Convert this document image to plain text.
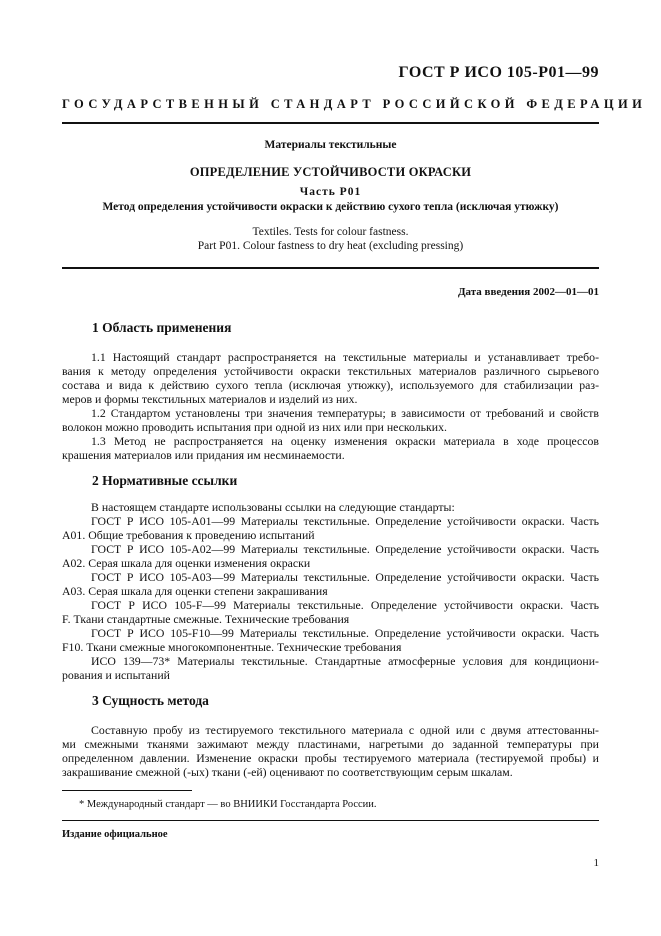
ГОСТ Р ИСО 105-Р01—99
ГОСУДАРСТВЕННЫЙ СТАНДАРТ РОССИЙСКОЙ ФЕДЕРАЦИИ
Материалы текстильные
ОПРЕДЕЛЕНИЕ УСТОЙЧИВОСТИ ОКРАСКИ
Часть Р01
Метод определения устойчивости окраски к действию сухого тепла (исключая утюжку)
Textiles. Tests for colour fastness.
Part P01. Colour fastness to dry heat (excluding pressing)
Дата введения 2002—01—01
1 Область применения
1.1 Настоящий стандарт распространяется на текстильные материалы и устанавливает требо-
вания к методу определения устойчивости окраски текстильных материалов различного сырьевого
состава и вида к действию сухого тепла (исключая утюжку), используемого для стабилизации раз-
меров и формы текстильных материалов и изделий из них.
1.2 Стандартом установлены три значения температуры; в зависимости от требований и свойств
волокон можно проводить испытания при одной из них или при нескольких.
1.3 Метод не распространяется на оценку изменения окраски материала в ходе процессов
крашения материалов или придания им несминаемости.
2 Нормативные ссылки
В настоящем стандарте использованы ссылки на следующие стандарты:
ГОСТ Р ИСО 105-А01—99 Материалы текстильные. Определение устойчивости окраски. Часть
А01. Общие требования к проведению испытаний
ГОСТ Р ИСО 105-А02—99 Материалы текстильные. Определение устойчивости окраски. Часть
А02. Серая шкала для оценки изменения окраски
ГОСТ Р ИСО 105-А03—99 Материалы текстильные. Определение устойчивости окраски. Часть
А03. Серая шкала для оценки степени закрашивания
ГОСТ Р ИСО 105-F—99 Материалы текстильные. Определение устойчивости окраски. Часть
F. Ткани стандартные смежные. Технические требования
ГОСТ Р ИСО 105-F10—99 Материалы текстильные. Определение устойчивости окраски. Часть
F10. Ткани смежные многокомпонентные. Технические требования
ИСО 139—73* Материалы текстильные. Стандартные атмосферные условия для кондициони-
рования и испытаний
3 Сущность метода
Составную пробу из тестируемого текстильного материала с одной или с двумя аттестованны-
ми смежными тканями зажимают между пластинами, нагретыми до заданной температуры при
определенном давлении. Изменение окраски пробы тестируемого материала (тестируемой пробы) и
закрашивание смежной (-ых) ткани (-ей) оценивают по соответствующим серым шкалам.
* Международный стандарт — во ВНИИКИ Госстандарта России.
Издание официальное
1
